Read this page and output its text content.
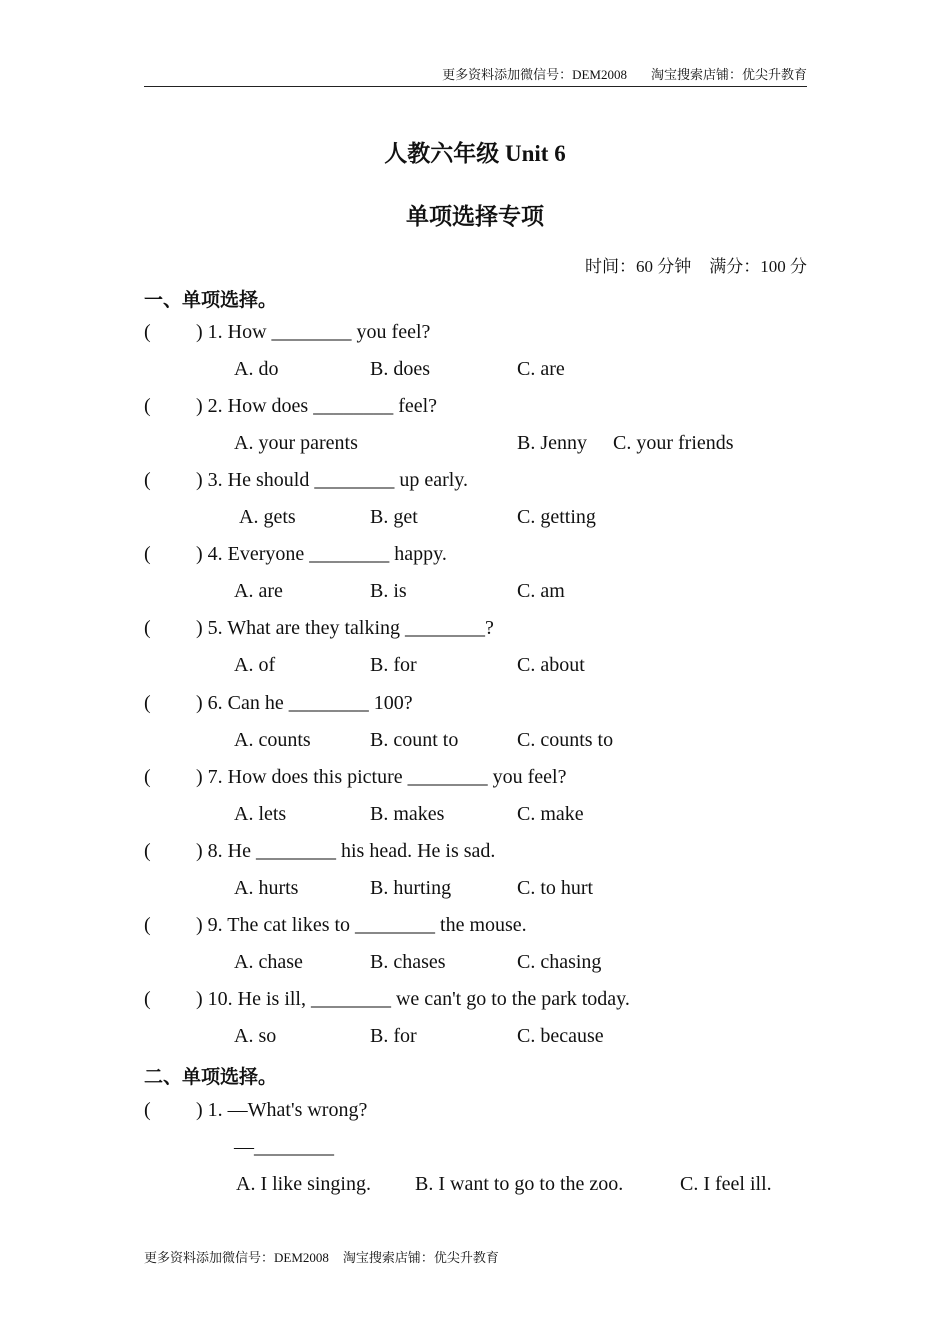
更多资料添加微信号：DEM2008 淘宝搜索店铺：优尖升教育
人教六年级 Unit 6
单项选择专项
时间：60 分钟 满分：100 分
一、单项选择。
( ) 1. How ________ you feel?
A. do	B. does	C. are
( ) 2. How does ________ feel?
A. your parents	B. Jenny C. your friends
( ) 3. He should ________ up early.
A. gets	B. get	C. getting
( ) 4. Everyone ________ happy.
A. are	B. is	C. am
( ) 5. What are they talking ________?
A. of	B. for	C. about
( ) 6. Can he ________ 100?
A. counts	B. count to	C. counts to
( ) 7. How does this picture ________ you feel?
A. lets	B. makes	C. make
( ) 8. He ________ his head. He is sad.
A. hurts	B. hurting	C. to hurt
( ) 9. The cat likes to ________ the mouse.
A. chase	B. chases	C. chasing
( ) 10. He is ill, ________ we can't go to the park today.
A. so	B. for	C. because
二、单项选择。
( ) 1. —What's wrong?
—________
A. I like singing. B. I want to go to the zoo.	C. I feel ill.
更多资料添加微信号：DEM2008 淘宝搜索店铺：优尖升教育
